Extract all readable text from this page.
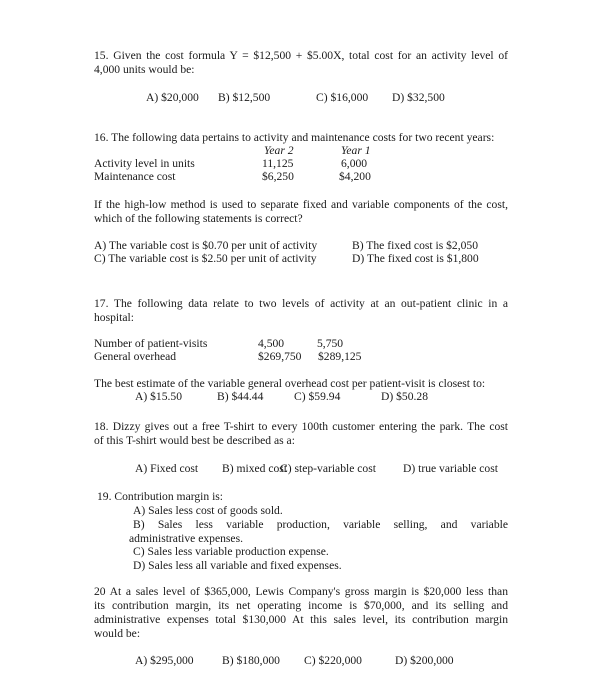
15. Given the cost formula Y = $12,500 + $5.00X, total cost for an activity level of
4,000 units would be:
A) $20,000 B) $12,500	C) $16,000 D) $32,500
16. The following data pertains to activity and maintenance costs for two recent years:
Year 2	Year 1
Activity level in units	11,125	6,000
Maintenance cost	$6,250	$4,200
If the high-low method is used to separate fixed and variable components of the cost,
which of the following statements is correct?
A) The variable cost is $0.70 per unit of activity	B) The fixed cost is $2,050
C) The variable cost is $2.50 per unit of activity	D) The fixed cost is $1,800
17. The following data relate to two levels of activity at an out-patient clinic in a
hospital:
Number of patient-visits	4,500	5,750
General overhead	$269,750 $289,125
The best estimate of the variable general overhead cost per patient-visit is closest to:
A) $15.50	B) $44.44	C) $59.94	D) $50.28
18. Dizzy gives out a free T-shirt to every 100th customer entering the park. The cost
of this T-shirt would best be described as a:
A) Fixed cost B) mixed cost
C) step-variable cost D) true variable cost
19. Contribution margin is:
A) Sales less cost of goods sold.
B) Sales less variable production, variable selling, and variable
administrative expenses.
C) Sales less variable production expense.
D) Sales less all variable and fixed expenses.
20 At a sales level of $365,000, Lewis Company's gross margin is $20,000 less than
its contribution margin, its net operating income is $70,000, and its selling and
administrative expenses total $130,000 At this sales level, its contribution margin
would be:
A) $295,000 B) $180,000 C) $220,000	D) $200,000
